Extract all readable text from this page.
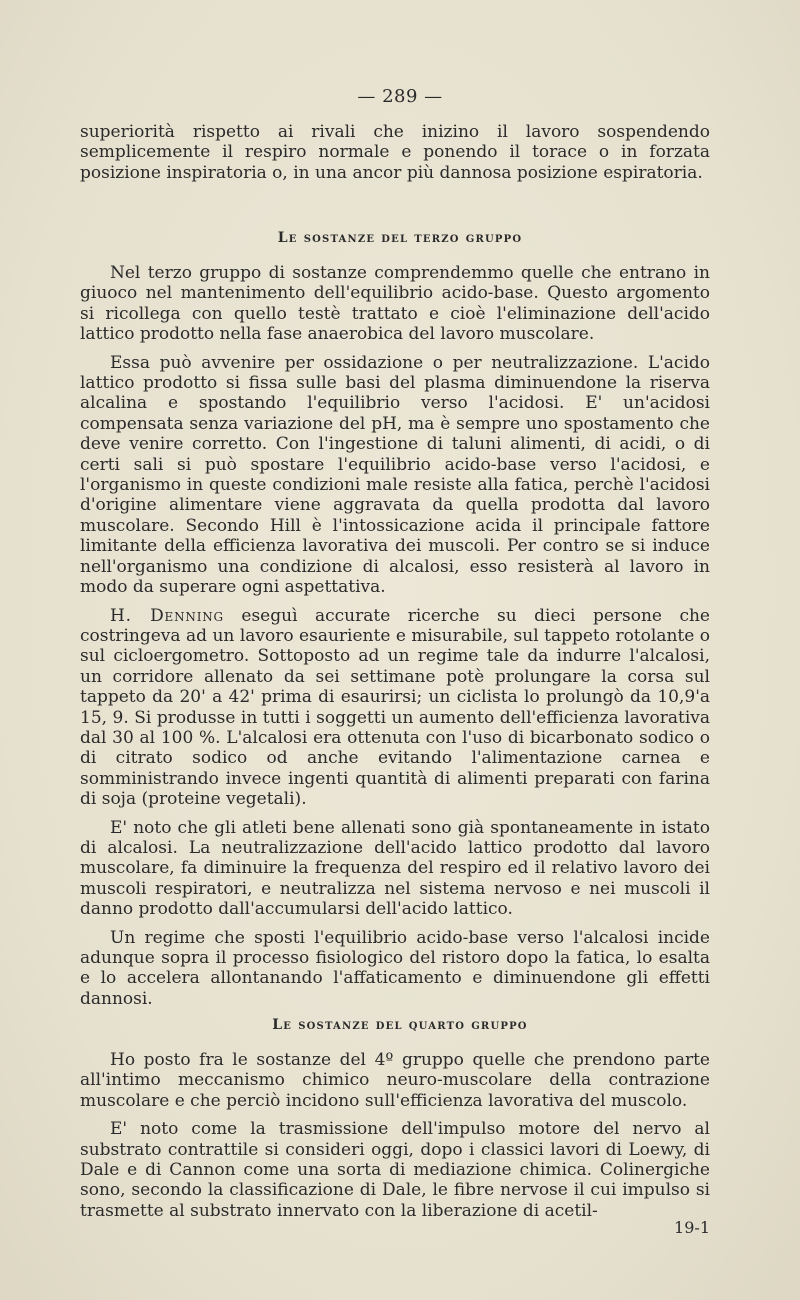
— 289 —

superiorità rispetto ai rivali che inizino il lavoro sospendendo semplicemente il respiro normale e ponendo il torace o in forzata posizione inspiratoria o, in una ancor più dannosa posizione espiratoria.

Le sostanze del terzo gruppo

Nel terzo gruppo di sostanze comprendemmo quelle che entrano in giuoco nel mantenimento dell'equilibrio acido-base. Questo argomento si ricollega con quello testè trattato e cioè l'eliminazione dell'acido lattico prodotto nella fase anaerobica del lavoro muscolare.

Essa può avvenire per ossidazione o per neutralizzazione. L'acido lattico prodotto si fissa sulle basi del plasma diminuendone la riserva alcalina e spostando l'equilibrio verso l'acidosi. E' un'acidosi compensata senza variazione del pH, ma è sempre uno spostamento che deve venire corretto. Con l'ingestione di taluni alimenti, di acidi, o di certi sali si può spostare l'equilibrio acido-base verso l'acidosi, e l'organismo in queste condizioni male resiste alla fatica, perchè l'acidosi d'origine alimentare viene aggravata da quella prodotta dal lavoro muscolare. Secondo Hill è l'intossicazione acida il principale fattore limitante della efficienza lavorativa dei muscoli. Per contro se si induce nell'organismo una condizione di alcalosi, esso resisterà al lavoro in modo da superare ogni aspettativa.

H. Denning eseguì accurate ricerche su dieci persone che costringeva ad un lavoro esauriente e misurabile, sul tappeto rotolante o sul cicloergometro. Sottoposto ad un regime tale da indurre l'alcalosi, un corridore allenato da sei settimane potè prolungare la corsa sul tappeto da 20' a 42' prima di esaurirsi; un ciclista lo prolungò da 10,9'a 15, 9. Si produsse in tutti i soggetti un aumento dell'efficienza lavorativa dal 30 al 100 %. L'alcalosi era ottenuta con l'uso di bicarbonato sodico o di citrato sodico od anche evitando l'alimentazione carnea e somministrando invece ingenti quantità di alimenti preparati con farina di soja (proteine vegetali).

E' noto che gli atleti bene allenati sono già spontaneamente in istato di alcalosi. La neutralizzazione dell'acido lattico prodotto dal lavoro muscolare, fa diminuire la frequenza del respiro ed il relativo lavoro dei muscoli respiratori, e neutralizza nel sistema nervoso e nei muscoli il danno prodotto dall'accumularsi dell'acido lattico.

Un regime che sposti l'equilibrio acido-base verso l'alcalosi incide adunque sopra il processo fisiologico del ristoro dopo la fatica, lo esalta e lo accelera allontanando l'affaticamento e diminuendone gli effetti dannosi.

Le sostanze del quarto gruppo

Ho posto fra le sostanze del 4º gruppo quelle che prendono parte all'intimo meccanismo chimico neuro-muscolare della contrazione muscolare e che perciò incidono sull'efficienza lavorativa del muscolo.

E' noto come la trasmissione dell'impulso motore del nervo al substrato contrattile si consideri oggi, dopo i classici lavori di Loewy, di Dale e di Cannon come una sorta di mediazione chimica. Colinergiche sono, secondo la classificazione di Dale, le fibre nervose il cui impulso si trasmette al substrato innervato con la liberazione di acetil-

19-1
